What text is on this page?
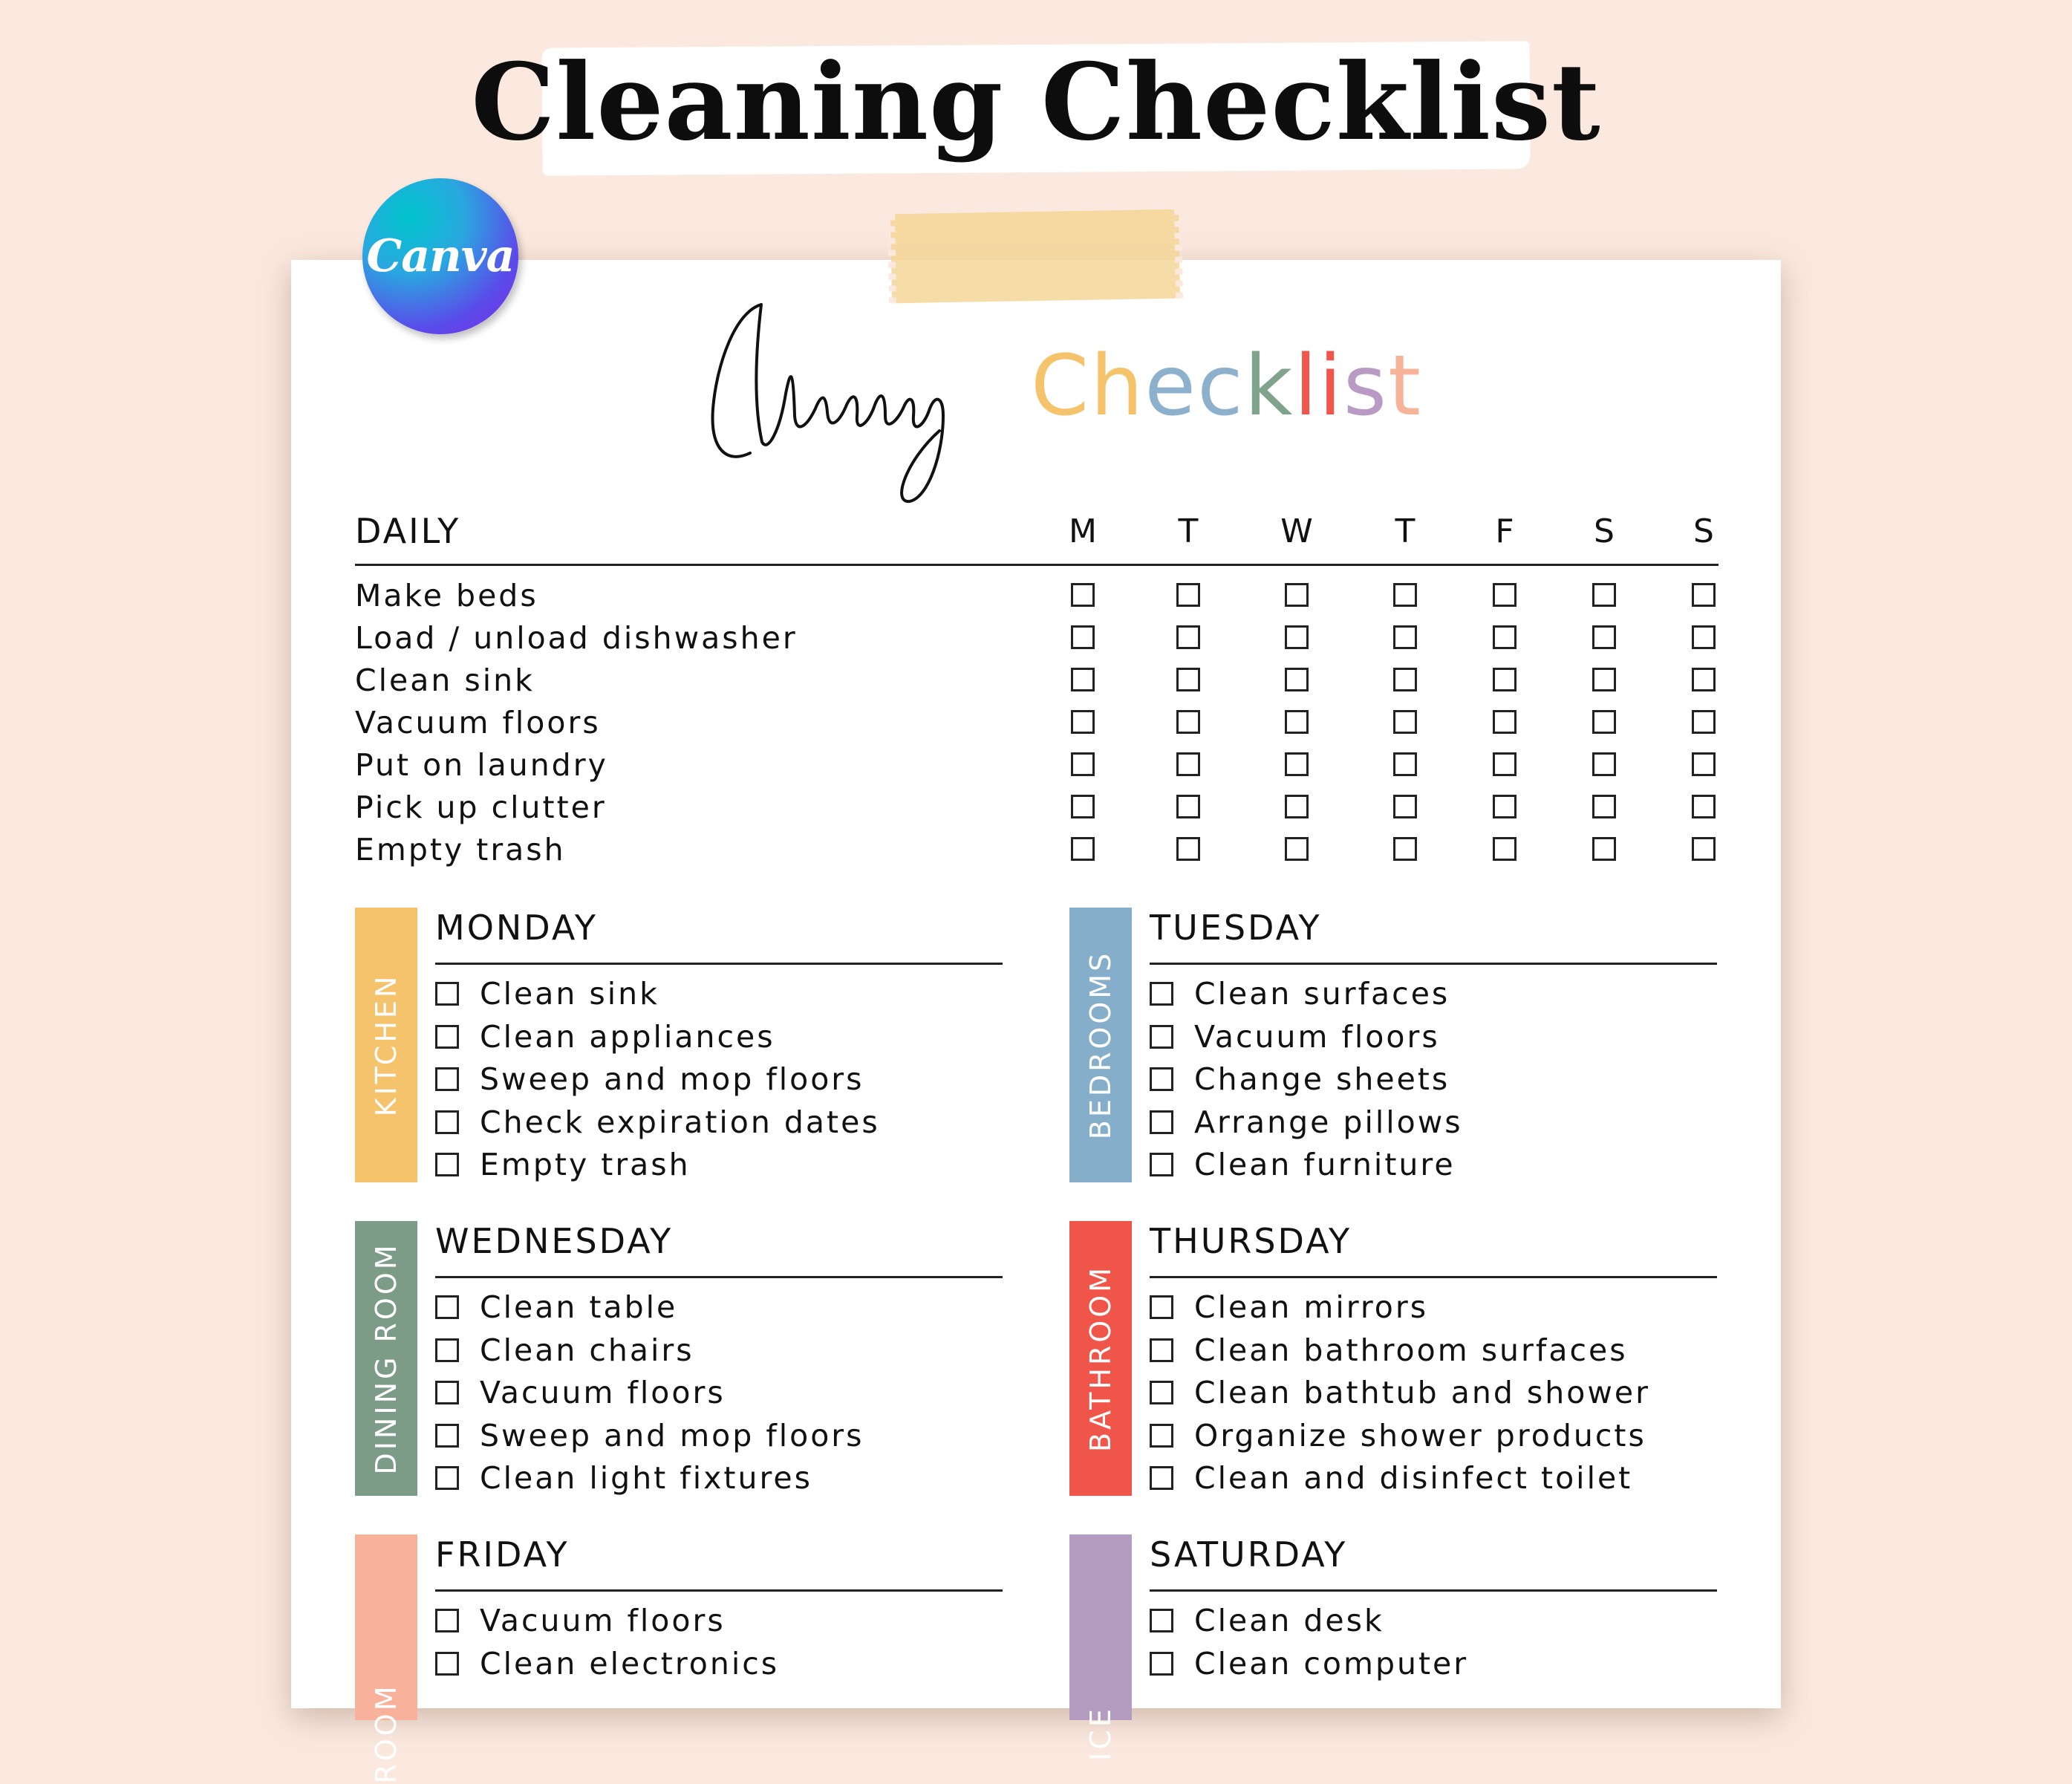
Cleaning Checklist
Canva
Cleaning
Checklist
DAILY	M	T	W	T	F	S	S
Make beds
Load / unload dishwasher
Clean sink
Vacuum floors
Put on laundry
Pick up clutter
Empty trash
KITCHEN
MONDAY
Clean sink
Clean appliances
Sweep and mop floors
Check expiration dates
Empty trash
BEDROOMS
TUESDAY
Clean surfaces
Vacuum floors
Change sheets
Arrange pillows
Clean furniture
DINING ROOM
WEDNESDAY
Clean table
Clean chairs
Vacuum floors
Sweep and mop floors
Clean light fixtures
BATHROOM
THURSDAY
Clean mirrors
Clean bathroom surfaces
Clean bathtub and shower
Organize shower products
Clean and disinfect toilet
ROOM
FRIDAY
Vacuum floors
Clean electronics
ICE
SATURDAY
Clean desk
Clean computer
